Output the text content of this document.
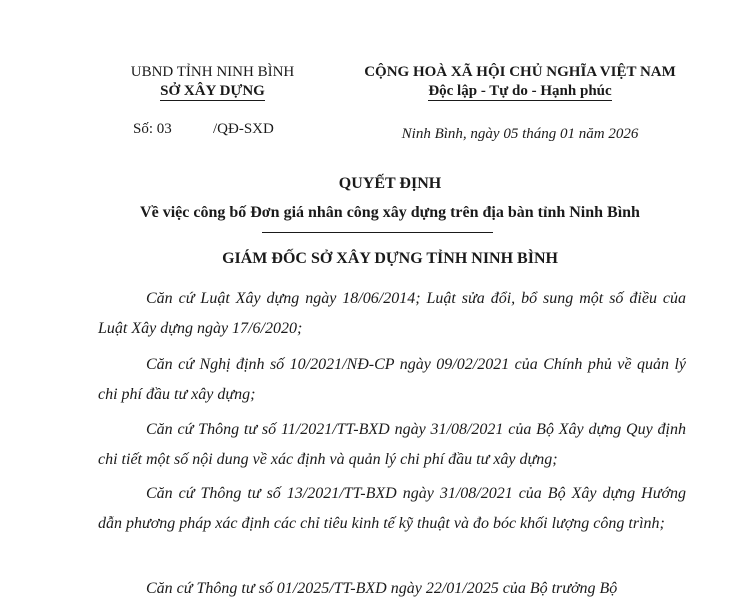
UBND TỈNH NINH BÌNH
SỞ XÂY DỰNG
Số: 03	/QĐ-SXD
CỘNG HOÀ XÃ HỘI CHỦ NGHĨA VIỆT NAM
Độc lập - Tự do - Hạnh phúc
Ninh Bình, ngày 05 tháng 01 năm 2026
QUYẾT ĐỊNH
Về việc công bố Đơn giá nhân công xây dựng trên địa bàn tỉnh Ninh Bình
GIÁM ĐỐC SỞ XÂY DỰNG TỈNH NINH BÌNH
Căn cứ Luật Xây dựng ngày 18/06/2014; Luật sửa đổi, bổ sung một số điều của Luật Xây dựng ngày 17/6/2020;
Căn cứ Nghị định số 10/2021/NĐ-CP ngày 09/02/2021 của Chính phủ về quản lý chi phí đầu tư xây dựng;
Căn cứ Thông tư số 11/2021/TT-BXD ngày 31/08/2021 của Bộ Xây dựng Quy định chi tiết một số nội dung về xác định và quản lý chi phí đầu tư xây dựng;
Căn cứ Thông tư số 13/2021/TT-BXD ngày 31/08/2021 của Bộ Xây dựng Hướng dẫn phương pháp xác định các chỉ tiêu kinh tế kỹ thuật và đo bóc khối lượng công trình;
Căn cứ Thông tư số 01/2025/TT-BXD ngày 22/01/2025 của Bộ trưởng Bộ
